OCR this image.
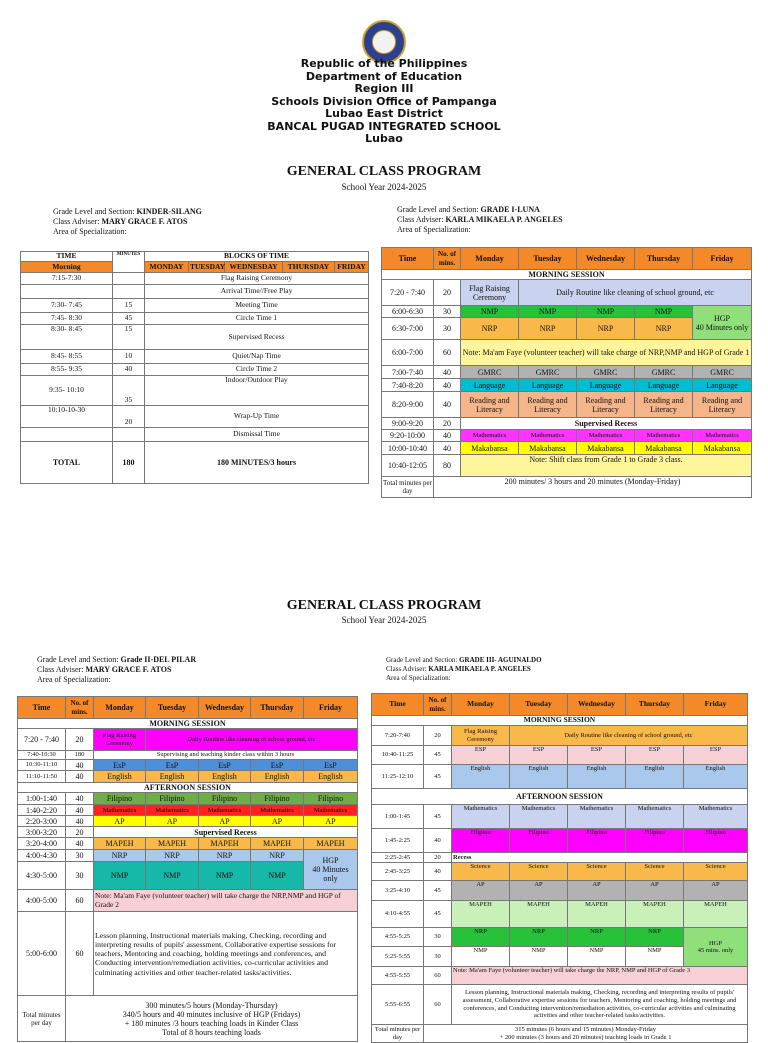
Republic of the Philippines
Department of Education
Region III
Schools Division Office of Pampanga
Lubao East District
BANCAL PUGAD INTEGRATED SCHOOL
Lubao
GENERAL CLASS PROGRAM
School Year 2024-2025
Grade Level and Section: KINDER-SILANG
Class Adviser: MARY GRACE F. ATOS
Area of Specialization:
TIME	MINUTES	BLOCKS OF TIME				
Morning		MONDAY	TUESDAY	WEDNESDAY	THURSDAY	FRIDAY
7:15-7:30		Flag Raising Ceremony				
		Arrival Time//Free Play				
7:30- 7:45	15	Meeting Time				
7:45- 8:30	45	Circle Time 1				
8:30- 8:45	15	Supervised Recess				
8:45- 8:55	10	Quiet/Nap Time				
8:55- 9:35	40	Circle Time 2				
9:35- 10:10	35	Indoor/Outdoor Play				
10:10-10-30	20	Wrap-Up Time				
		Dismissal Time				
TOTAL	180	180 MINUTES/3 hours				
Grade Level and Section: GRADE I-LUNA
Class Adviser: KARLA MIKAELA P. ANGELES
Area of Specialization:
Time	No. of mins.	Monday	Tuesday	Wednesday	Thursday	Friday
MORNING SESSION						
7:20 - 7:40	20	Flag Raising Ceremony	Daily Routine like cleaning of school ground, etc			
6:00-6:30	30	NMP	NMP	NMP	NMP	HGP
40 Minutes only

6:30-7:00	30	NRP	NRP	NRP	NRP	
6:00-7:00	60	Note: Ma'am Faye (volunteer teacher) will take charge of NRP,NMP and HGP of Grade 1				
7:00-7:40	40	GMRC	GMRC	GMRC	GMRC	GMRC
7:40-8:20	40	Language	Language	Language	Language	Language
8:20-9:00	40	Reading and Literacy	Reading and Literacy	Reading and Literacy	Reading and Literacy	Reading and Literacy
9:00-9:20	20	Supervised Recess				
9:20-10:00	40	Mathematics	Mathematics	Mathematics	Mathematics	Mathematics
10:00-10:40	40	Makabansa	Makabansa	Makabansa	Makabansa	Makabansa
10:40-12:05	80	Note: Shift class from Grade 1 to Grade 3 class.				
Total minutes per day	200 minutes/ 3 hours and 20 minutes (Monday-Friday)					
GENERAL CLASS PROGRAM
School Year 2024-2025
Grade Level and Section: Grade II-DEL PILAR
Class Adviser: MARY GRACE F. ATOS
Area of Specialization:
Time	No. of mins.	Monday	Tuesday	Wednesday	Thursday	Friday
MORNING SESSION						
7:20 - 7:40	20	Flag Raising Ceremony	Daily Routine like cleaning of school ground, etc			
7:40-10:30	180	Supervising and teaching kinder class within 3 hours				
10:30-11:10	40	EsP	EsP	EsP	EsP	EsP
11:10-11:50	40	English	English	English	English	English
AFTERNOON SESSION						
1:00-1:40	40	Filipino	Filipino	Filipino	Filipino	Filipino
1:40-2:20	40	Mathematics	Mathematics	Mathematics	Mathematics	Mathematics
2:20-3:00	40	AP	AP	AP	AP	AP
3:00-3:20	20	Supervised Recess				
3:20-4:00	40	MAPEH	MAPEH	MAPEH	MAPEH	MAPEH
4:00-4:30	30	NRP	NRP	NRP	NRP	HGP
40 Minutes only

4:30-5:00	30	NMP	NMP	NMP	NMP	
4:00-5:00	60	Note: Ma'am Faye (volunteer teacher) will take charge the NRP,NMP and HGP of Grade 2				
5:00-6:00	60	Lesson planning, Instructional materials making, Checking, recording and interpreting results of pupils' assessment, Collaborative expertise sessions for teachers, Mentoring and coaching, holding meetings and conferences, and Conducting intervention/remediation activities, co-curricular activities and culminating activities and other teacher-related tasks/activities.				
Total minutes per day	300 minutes/5 hours (Monday-Thursday)
340/5 hours and 40 minutes inclusive of HGP (Fridays)
+ 180 minutes /3 hours teaching loads in Kinder Class
Total of 8 hours teaching loads					
Grade Level and Section: GRADE III- AGUINALDO
Class Adviser: KARLA MIKAELA P. ANGELES
Area of Specialization:
Time	No. of mins.	Monday	Tuesday	Wednesday	Thursday	Friday
MORNING SESSION						
7:20-7:40	20	Flag Raising Ceremony	Daily Routine like cleaning of school ground, etc			
10:40-11:25	45	ESP	ESP	ESP	ESP	ESP
11:25-12:10	45	English	English	English	English	English
AFTERNOON SESSION						
1:00-1:45	45	Mathematics	Mathematics	Mathematics	Mathematics	Mathematics
1:45-2:25	40	Filipino	Filipino	Filipino	Filipino	Filipino
2:25-2:45	20	Recess				
2:45-3:25	40	Science	Science	Science	Science	Science
3:25-4:10	45	AP	AP	AP	AP	AP
4:10-4:55	45	MAPEH	MAPEH	MAPEH	MAPEH	MAPEH
4:55-5:25	30	NRP	NRP	NRP	NRP	HGP
45 mins. only

5:25-5:55	30	NMP	NMP	NMP	NMP	
4:55-5:55	60	Note: Ma'am Faye (volunteer teacher) will take charge the NRP, NMP and HGP of Grade 3				
5:55-6:55	60	Lesson planning, Instructional materials making, Checking, recording and interpreting results of pupils' assessment, Collaborative expertise sessions for teachers, Mentoring and coaching, holding meetings and conferences, and Conducting intervention/remediation activities, co-curricular activities and culminating activities and other teacher-related tasks/activities.				
Total minutes per day	315 minutes (6 hours and 15 minutes) Monday-Friday
+ 200 minutes (3 hours and 20 minutes) teaching loads in Grade 1					
